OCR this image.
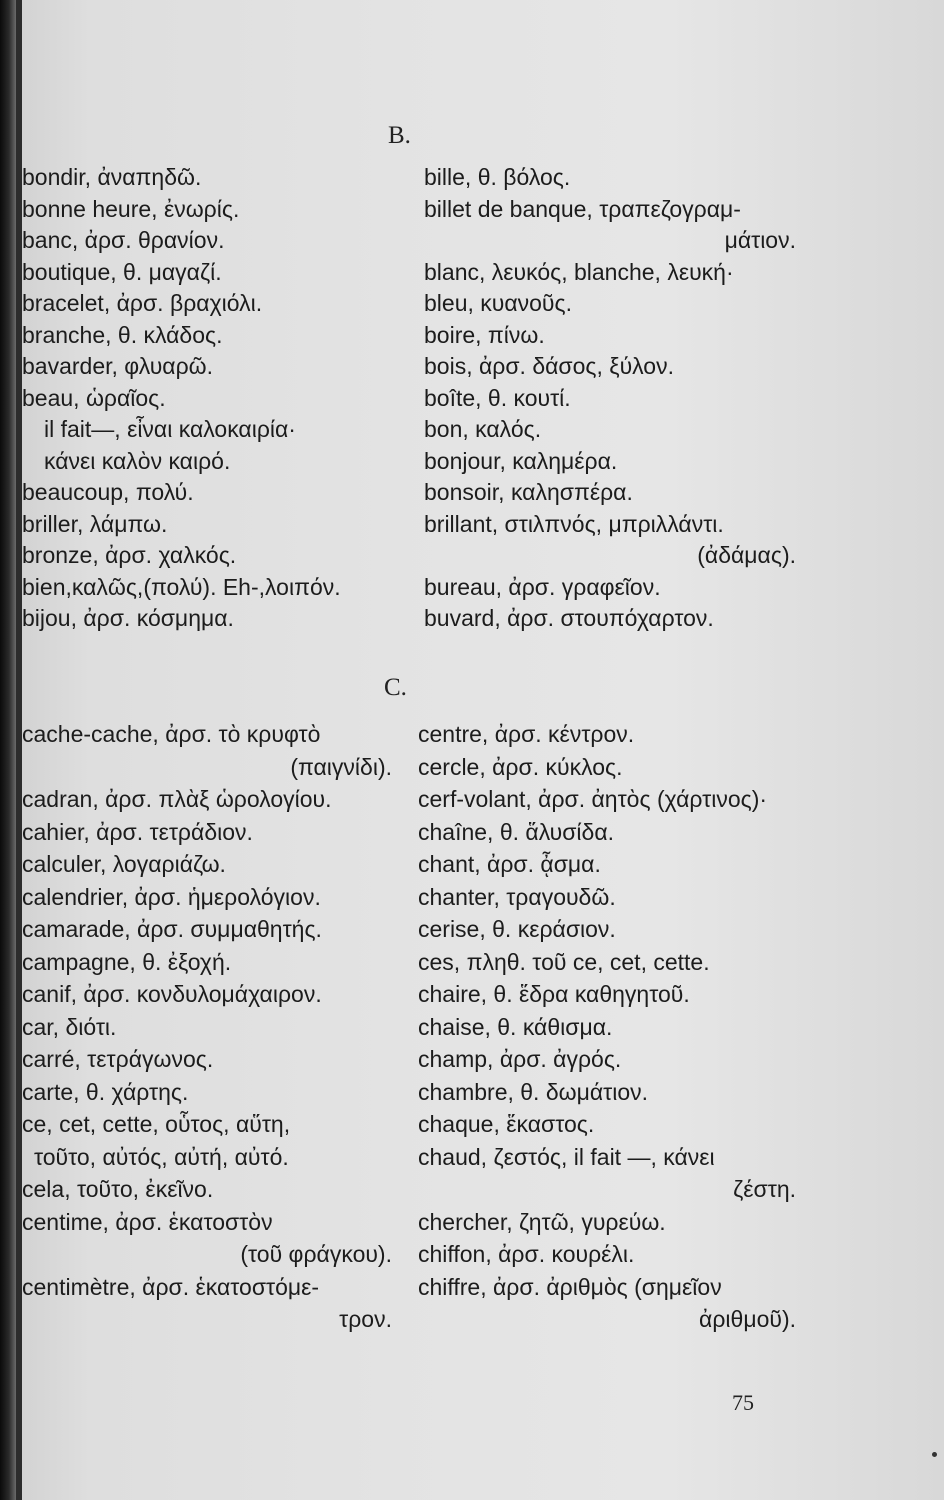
B.
bondir, ἀναπηδῶ.
bonne heure, ἐνωρίς.
banc, ἀρσ. θρανίον.
boutique, θ. μαγαζί.
bracelet, ἀρσ. βραχιόλι.
branche, θ. κλάδος.
bavarder, φλυαρῶ.
beau, ὡραῖος.
il fait—, εἶναι καλοκαιρία·
κάνει καλὸν καιρό.
beaucoup, πολύ.
briller, λάμπω.
bronze, ἀρσ. χαλκός.
bien,καλῶς,(πολύ). Eh-,λοιπόν.
bijou, ἀρσ. κόσμημα.
bille, θ. βόλος.
billet de banque, τραπεζογραμ-
μάτιον.
blanc, λευκός, blanche, λευκή·
bleu, κυανοῦς.
boire, πίνω.
bois, ἀρσ. δάσος, ξύλον.
boîte, θ. κουτί.
bon, καλός.
bonjour, καλημέρα.
bonsoir, καλησπέρα.
brillant, στιλπνός, μπριλλάντι.
(ἀδάμας).
bureau, ἀρσ. γραφεῖον.
buvard, ἀρσ. στουπόχαρτον.
C.
cache-cache, ἀρσ. τὸ κρυφτὸ
(παιγνίδι).
cadran, ἀρσ. πλὰξ ὡρολογίου.
cahier, ἀρσ. τετράδιον.
calculer, λογαριάζω.
calendrier, ἀρσ. ἡμερολόγιον.
camarade, ἀρσ. συμμαθητής.
campagne, θ. ἐξοχή.
canif, ἀρσ. κονδυλομάχαιρον.
car, διότι.
carré, τετράγωνος.
carte, θ. χάρτης.
ce, cet, cette, οὗτος, αὕτη,
τοῦτο, αὐτός, αὐτή, αὐτό.
cela, τοῦτο, ἐκεῖνο.
centime, ἀρσ. ἑκατοστὸν
(τοῦ φράγκου).
centimètre, ἀρσ. ἑκατοστόμε-
τρον.
centre, ἀρσ. κέντρον.
cercle, ἀρσ. κύκλος.
cerf-volant, ἀρσ. ἀητὸς (χάρτινος)·
chaîne, θ. ἅλυσίδα.
chant, ἀρσ. ᾆσμα.
chanter, τραγουδῶ.
cerise, θ. κεράσιον.
ces, πληθ. τοῦ ce, cet, cette.
chaire, θ. ἕδρα καθηγητοῦ.
chaise, θ. κάθισμα.
champ, ἀρσ. ἀγρός.
chambre, θ. δωμάτιον.
chaque, ἕκαστος.
chaud, ζεστός, il fait —, κάνει
ζέστη.
chercher, ζητῶ, γυρεύω.
chiffon, ἀρσ. κουρέλι.
chiffre, ἀρσ. ἀριθμὸς (σημεῖον
ἀριθμοῦ).
75
